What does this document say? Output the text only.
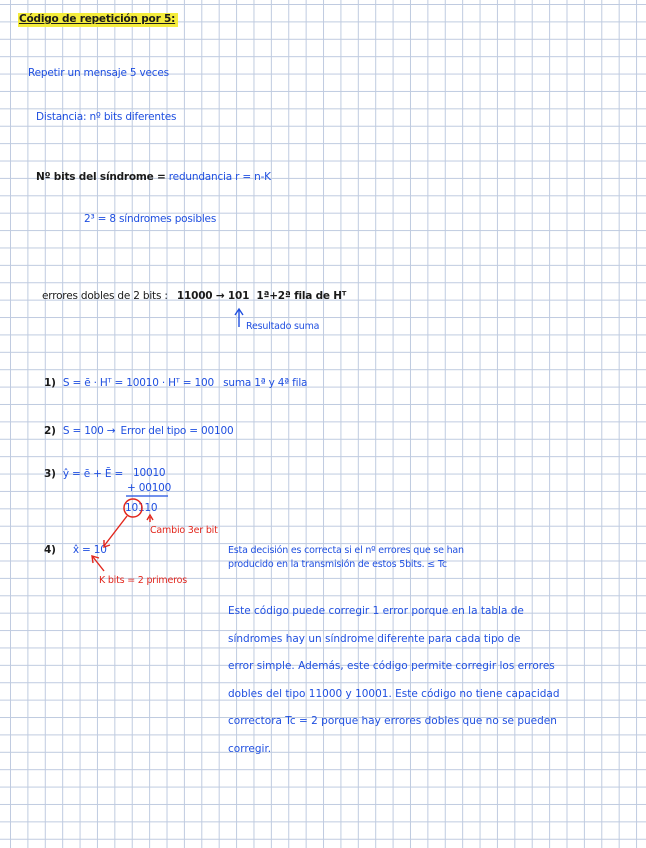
Código de repetición por 5:
Repetir un mensaje 5 veces
Distancia: nº bits diferentes
Nº bits del síndrome = redundancia r = n-K
2³ = 8 síndromes posibles
errores dobles de 2 bits : 11000 → 101 1ª+2ª fila de Hᵀ
Resultado suma
1) S = ē · Hᵀ = 10010 · Hᵀ = 100 suma 1ª y 4ª fila
2) S = 100 → Error del tipo = 00100
3) ŷ = ē + Ē = 10010
+ 00100
10110
4) x̂ = 10
Cambio 3er bit
K bits = 2 primeros
Esta decisión es correcta si el nº errores que se han
producido en la transmisión de estos 5bits. ≤ Tc
Este código puede corregir 1 error porque en la tabla de
síndromes hay un síndrome diferente para cada tipo de
error simple. Además, este código permite corregir los errores
dobles del tipo 11000 y 10001. Este código no tiene capacidad
correctora Tc = 2 porque hay errores dobles que no se pueden
corregir.
